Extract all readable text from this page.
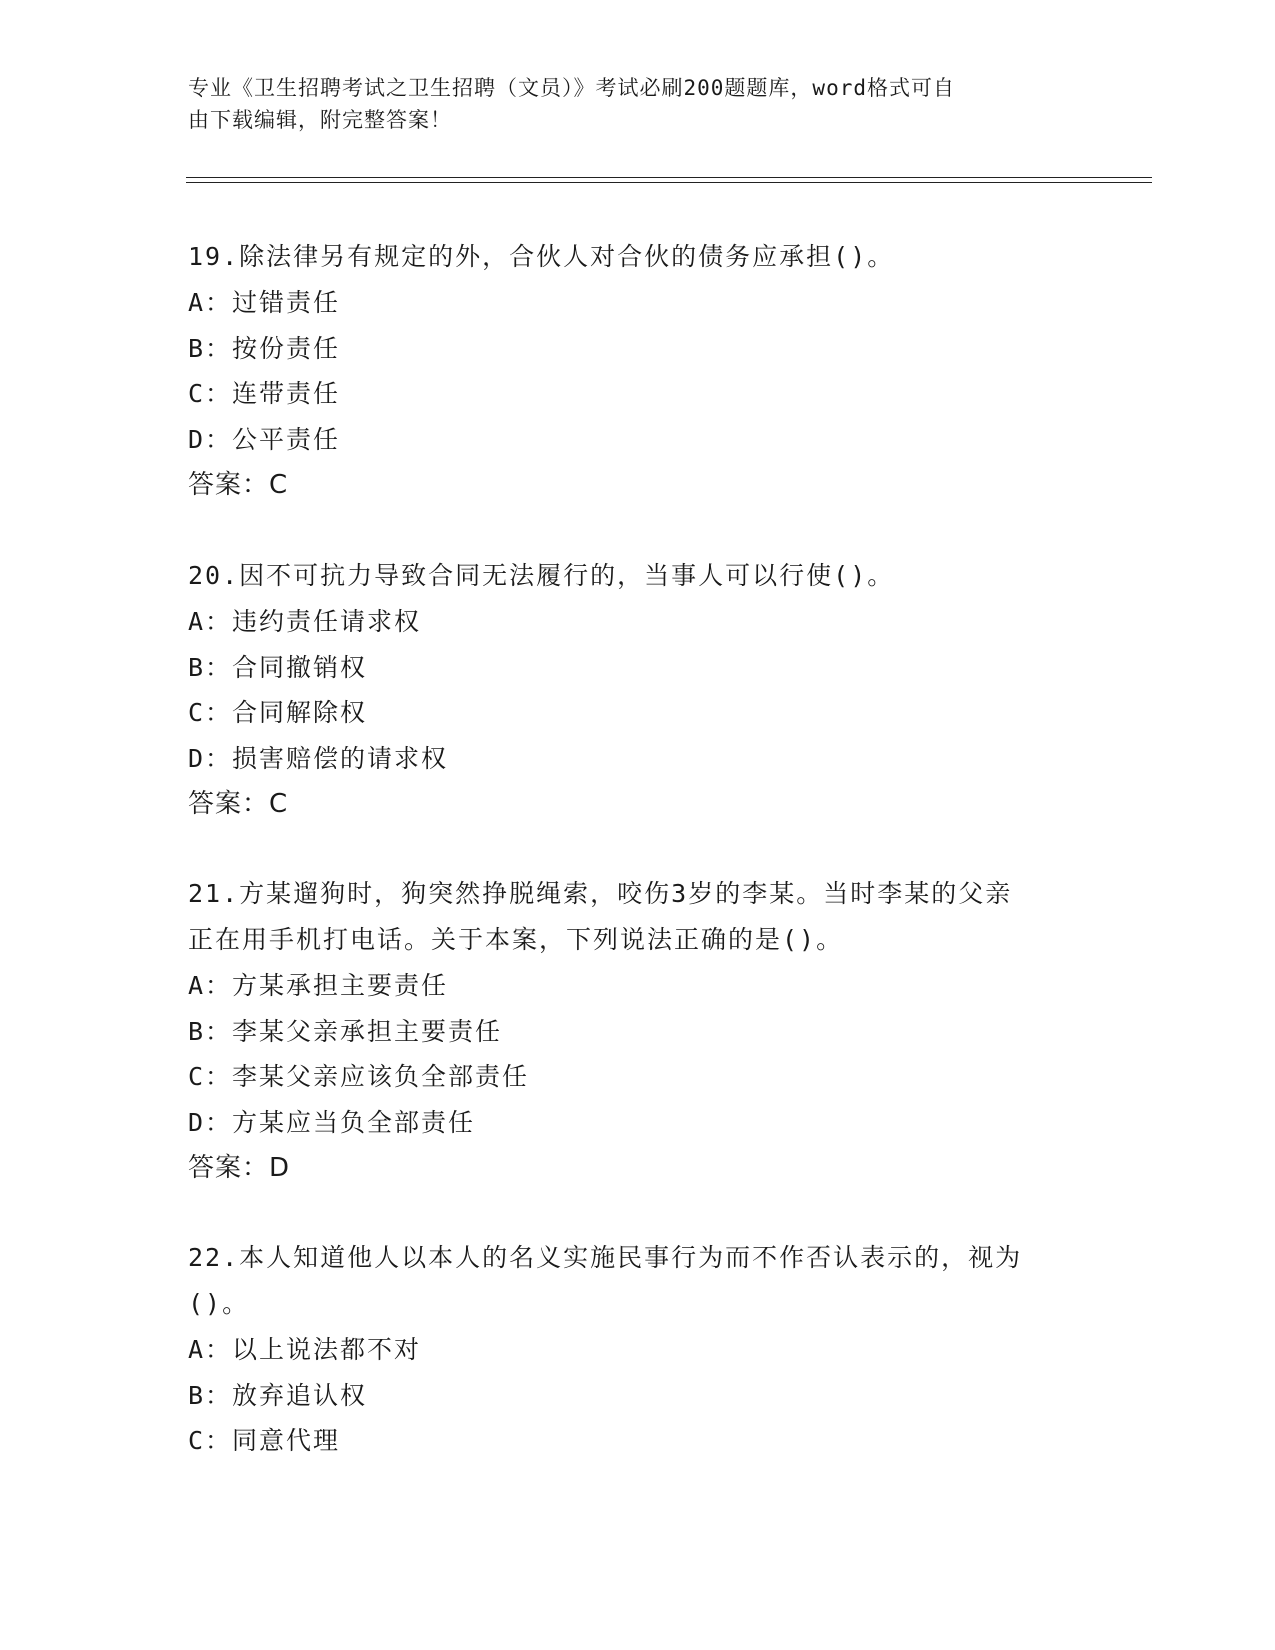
专业《卫生招聘考试之卫生招聘（文员）》考试必刷200题题库，word格式可自
由下载编辑，附完整答案！

19.除法律另有规定的外，合伙人对合伙的债务应承担()。

A：过错责任

B：按份责任

C：连带责任

D：公平责任

答案：C

20.因不可抗力导致合同无法履行的，当事人可以行使()。

A：违约责任请求权

B：合同撤销权

C：合同解除权

D：损害赔偿的请求权

答案：C

21.方某遛狗时，狗突然挣脱绳索，咬伤3岁的李某。当时李某的父亲

正在用手机打电话。关于本案，下列说法正确的是()。

A：方某承担主要责任

B：李某父亲承担主要责任

C：李某父亲应该负全部责任

D：方某应当负全部责任

答案：D

22.本人知道他人以本人的名义实施民事行为而不作否认表示的，视为

()。

A：以上说法都不对

B：放弃追认权

C：同意代理
